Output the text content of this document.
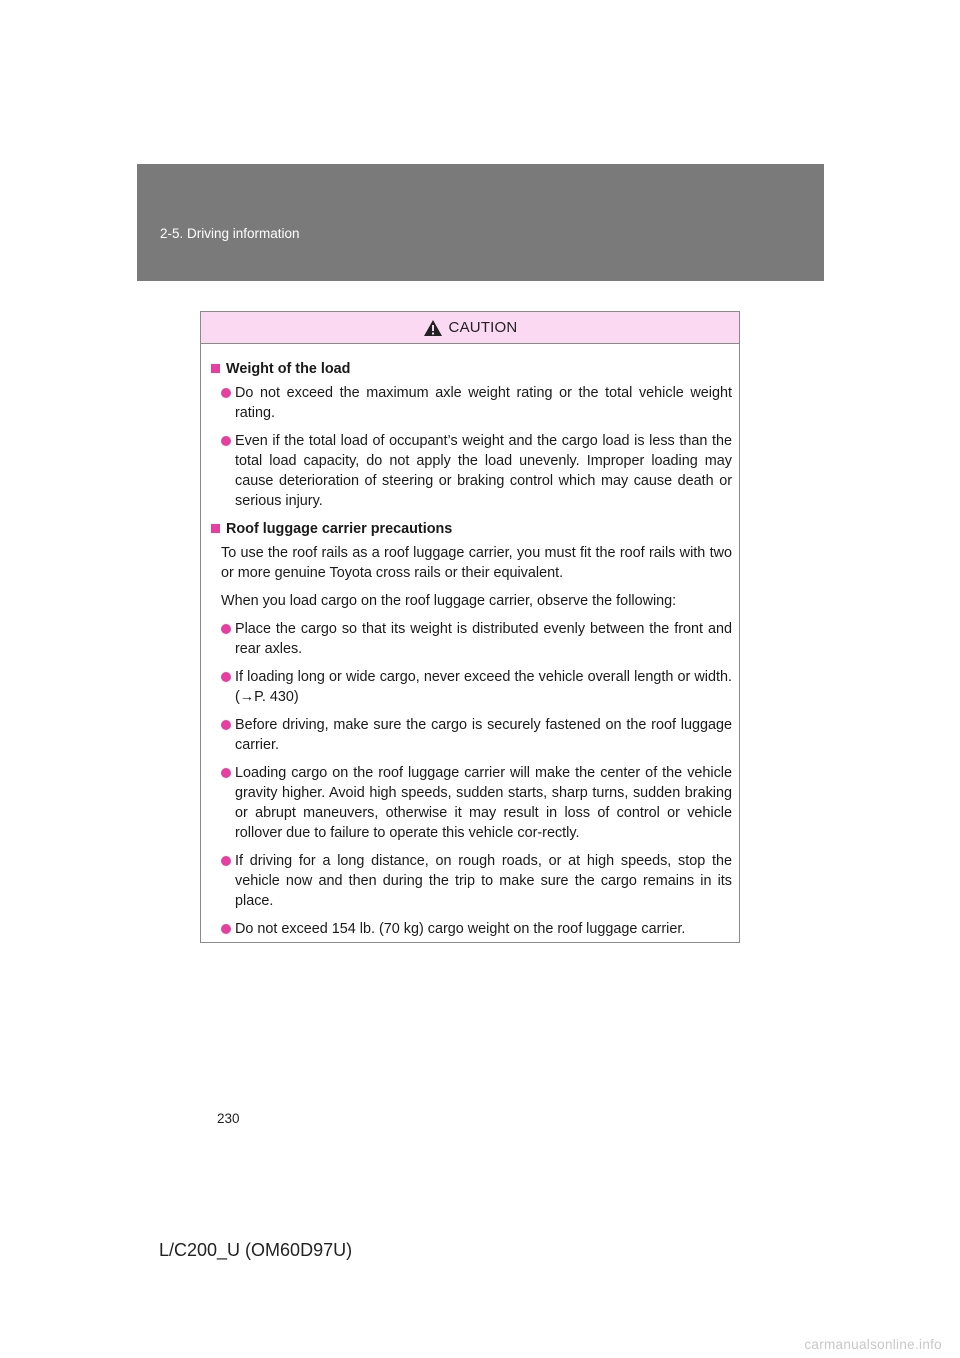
2-5. Driving information
CAUTION
Weight of the load
Do not exceed the maximum axle weight rating or the total vehicle weight rating.
Even if the total load of occupant’s weight and the cargo load is less than the total load capacity, do not apply the load unevenly. Improper loading may cause deterioration of steering or braking control which may cause death or serious injury.
Roof luggage carrier precautions
To use the roof rails as a roof luggage carrier, you must fit the roof rails with two or more genuine Toyota cross rails or their equivalent.
When you load cargo on the roof luggage carrier, observe the following:
Place the cargo so that its weight is distributed evenly between the front and rear axles.
If loading long or wide cargo, never exceed the vehicle overall length or width.(→P. 430)
Before driving, make sure the cargo is securely fastened on the roof luggage carrier.
Loading cargo on the roof luggage carrier will make the center of the vehicle gravity higher. Avoid high speeds, sudden starts, sharp turns, sudden braking or abrupt maneuvers, otherwise it may result in loss of control or vehicle rollover due to failure to operate this vehicle cor-rectly.
If driving for a long distance, on rough roads, or at high speeds, stop the vehicle now and then during the trip to make sure the cargo remains in its place.
Do not exceed 154 lb. (70 kg) cargo weight on the roof luggage carrier.
230
L/C200_U (OM60D97U)
carmanualsonline.info
